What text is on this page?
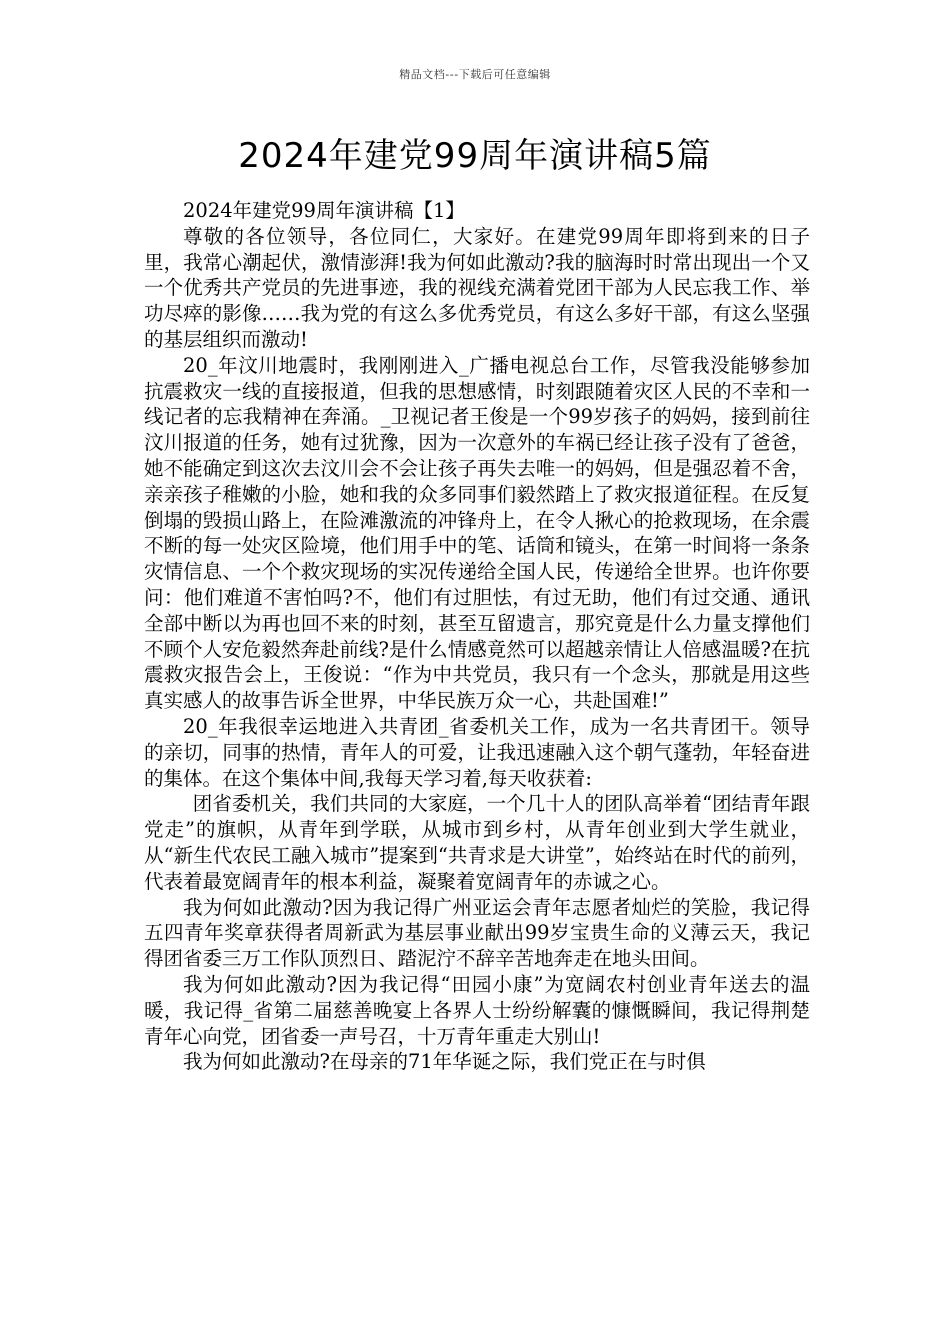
精品文档---下载后可任意编辑
2024年建党99周年演讲稿5篇

2024年建党99周年演讲稿【1】

尊敬的各位领导，各位同仁，大家好。在建党99周年即将到来的日子里，我常心潮起伏，激情澎湃!我为何如此激动?我的脑海时时常出现出一个又一个优秀共产党员的先进事迹，我的视线充满着党团干部为人民忘我工作、举功尽瘁的影像……我为党的有这么多优秀党员，有这么多好干部，有这么坚强的基层组织而激动!

20_年汶川地震时，我刚刚进入_广播电视总台工作，尽管我没能够参加抗震救灾一线的直接报道，但我的思想感情，时刻跟随着灾区人民的不幸和一线记者的忘我精神在奔涌。_卫视记者王俊是一个99岁孩子的妈妈，接到前往汶川报道的任务，她有过犹豫，因为一次意外的车祸已经让孩子没有了爸爸，她不能确定到这次去汶川会不会让孩子再失去唯一的妈妈，但是强忍着不舍，亲亲孩子稚嫩的小脸，她和我的众多同事们毅然踏上了救灾报道征程。在反复倒塌的毁损山路上，在险滩激流的冲锋舟上，在令人揪心的抢救现场，在余震不断的每一处灾区险境，他们用手中的笔、话筒和镜头，在第一时间将一条条灾情信息、一个个救灾现场的实况传递给全国人民，传递给全世界。也许你要问：他们难道不害怕吗?不，他们有过胆怯，有过无助，他们有过交通、通讯全部中断以为再也回不来的时刻，甚至互留遗言，那究竟是什么力量支撑他们不顾个人安危毅然奔赴前线?是什么情感竟然可以超越亲情让人倍感温暖?在抗震救灾报告会上，王俊说：“作为中共党员，我只有一个念头，那就是用这些真实感人的故事告诉全世界，中华民族万众一心，共赴国难!”

20_年我很幸运地进入共青团_省委机关工作，成为一名共青团干。领导的亲切，同事的热情，青年人的可爱，让我迅速融入这个朝气蓬勃，年轻奋进的集体。在这个集体中间,我每天学习着,每天收获着:

团省委机关，我们共同的大家庭，一个几十人的团队高举着“团结青年跟党走”的旗帜，从青年到学联，从城市到乡村，从青年创业到大学生就业，从“新生代农民工融入城市”提案到“共青求是大讲堂”，始终站在时代的前列，代表着最宽阔青年的根本利益，凝聚着宽阔青年的赤诚之心。

我为何如此激动?因为我记得广州亚运会青年志愿者灿烂的笑脸，我记得五四青年奖章获得者周新武为基层事业献出99岁宝贵生命的义薄云天，我记得团省委三万工作队顶烈日、踏泥泞不辞辛苦地奔走在地头田间。

我为何如此激动?因为我记得“田园小康”为宽阔农村创业青年送去的温暖，我记得_省第二届慈善晚宴上各界人士纷纷解囊的慷慨瞬间，我记得荆楚青年心向党，团省委一声号召，十万青年重走大别山!

我为何如此激动?在母亲的71年华诞之际，我们党正在与时俱
